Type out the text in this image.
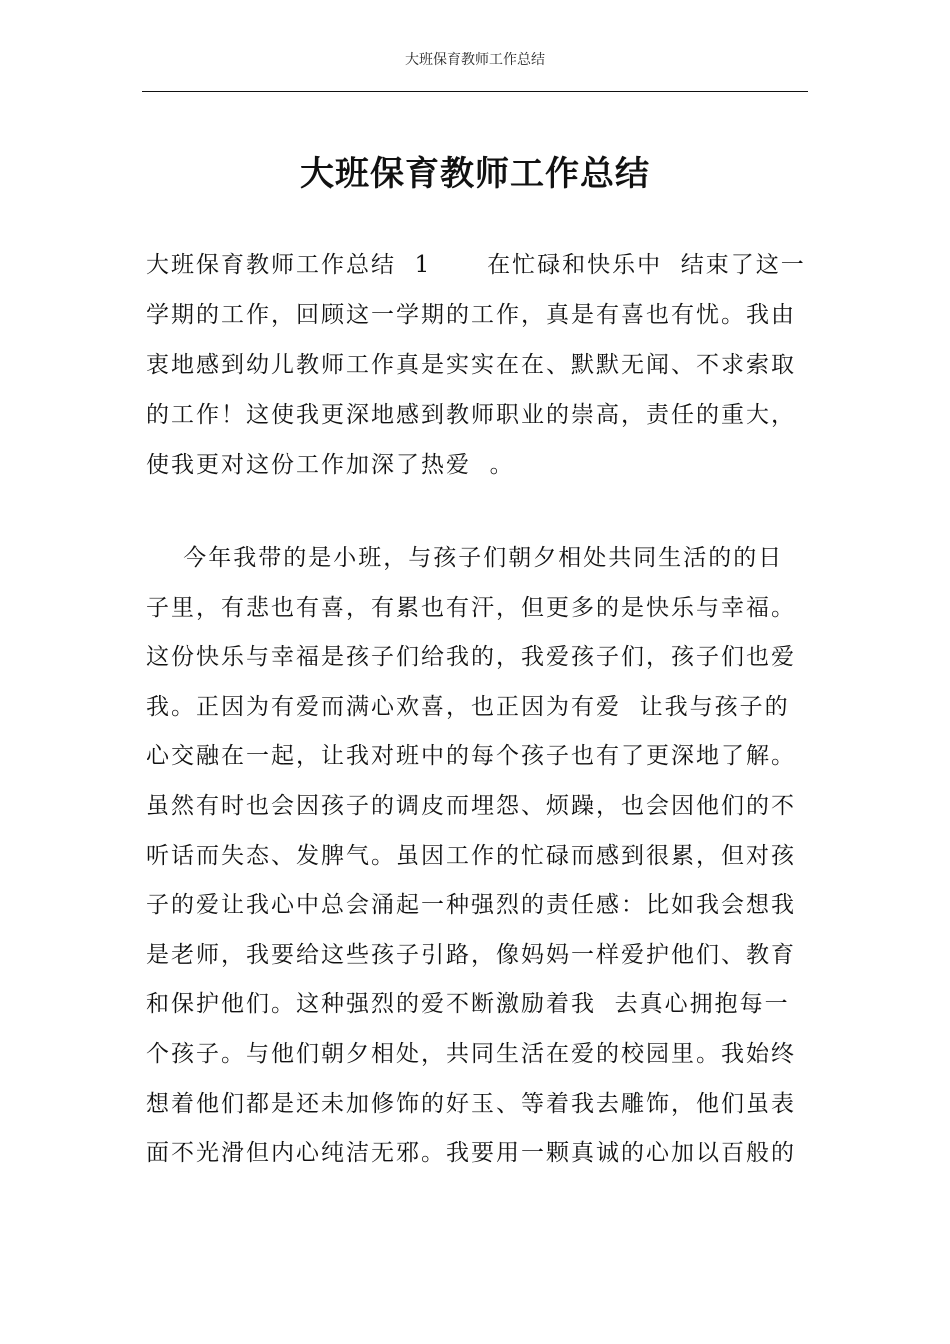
大班保育教师工作总结
大班保育教师工作总结
大班保育教师工作总结  1      在忙碌和快乐中  结束了这一
学期的工作，回顾这一学期的工作，真是有喜也有忧。我由
衷地感到幼儿教师工作真是实实在在、默默无闻、不求索取
的工作！这使我更深地感到教师职业的崇高，责任的重大，
使我更对这份工作加深了热爱  。
今年我带的是小班，与孩子们朝夕相处共同生活的的日
子里，有悲也有喜，有累也有汗，但更多的是快乐与幸福。
这份快乐与幸福是孩子们给我的，我爱孩子们，孩子们也爱
我。正因为有爱而满心欢喜，也正因为有爱  让我与孩子的
心交融在一起，让我对班中的每个孩子也有了更深地了解。
虽然有时也会因孩子的调皮而埋怨、烦躁，也会因他们的不
听话而失态、发脾气。虽因工作的忙碌而感到很累，但对孩
子的爱让我心中总会涌起一种强烈的责任感：比如我会想我
是老师，我要给这些孩子引路，像妈妈一样爱护他们、教育
和保护他们。这种强烈的爱不断激励着我  去真心拥抱每一
个孩子。与他们朝夕相处，共同生活在爱的校园里。我始终
想着他们都是还未加修饰的好玉、等着我去雕饰，他们虽表
面不光滑但内心纯洁无邪。我要用一颗真诚的心加以百般的
